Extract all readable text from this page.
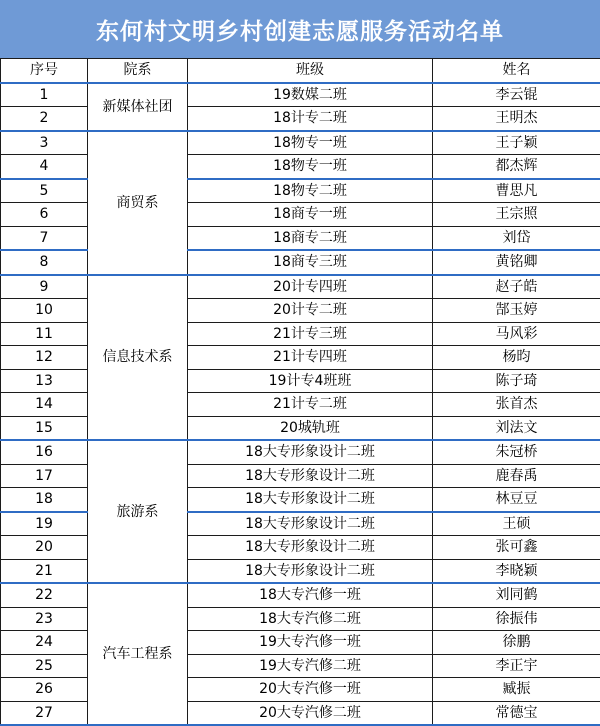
东何村文明乡村创建志愿服务活动名单
序号	院系	班级	姓名
1	新媒体社团	19数媒二班	李云锟
2		18计专二班	王明杰
3	商贸系	18物专一班	王子颖
4		18物专一班	都杰辉
5		18物专二班	曹思凡
6		18商专一班	王宗照
7		18商专二班	刘岱
8		18商专三班	黄铭卿
9	信息技术系	20计专四班	赵子皓
10		20计专二班	郜玉婷
11		21计专三班	马风彩
12		21计专四班	杨昀
13		19计专4班班	陈子琦
14		21计专二班	张首杰
15		20城轨班	刘法文
16	旅游系	18大专形象设计二班	朱冠桥
17		18大专形象设计二班	鹿春禹
18		18大专形象设计二班	林豆豆
19		18大专形象设计二班	王硕
20		18大专形象设计二班	张可鑫
21		18大专形象设计二班	李晓颖
22	汽车工程系	18大专汽修一班	刘同鹤
23		18大专汽修二班	徐振伟
24		19大专汽修一班	徐鹏
25		19大专汽修二班	李正宇
26		20大专汽修一班	臧振
27		20大专汽修二班	常德宝
